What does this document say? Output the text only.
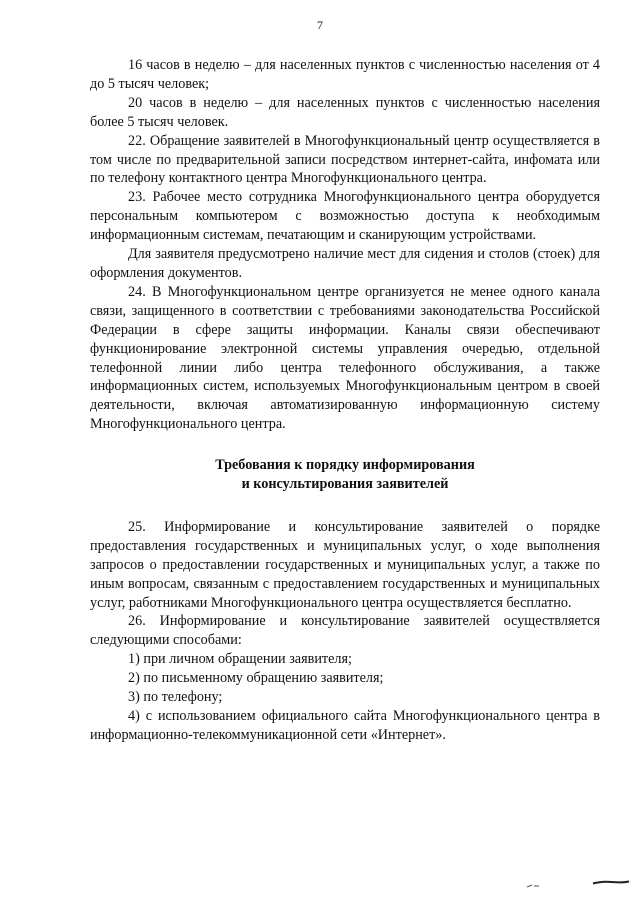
7

16 часов в неделю – для населенных пунктов с численностью населения от 4 до 5 тысяч человек;

20 часов в неделю – для населенных пунктов с численностью населения более 5 тысяч человек.

22. Обращение заявителей в Многофункциональный центр осуществляется в том числе по предварительной записи посредством интернет-сайта, инфомата или по телефону контактного центра Многофункционального центра.

23. Рабочее место сотрудника Многофункционального центра оборудуется персональным компьютером с возможностью доступа к необходимым информационным системам, печатающим и сканирующим устройствами.

Для заявителя предусмотрено наличие мест для сидения и столов (стоек) для оформления документов.

24. В Многофункциональном центре организуется не менее одного канала связи, защищенного в соответствии с требованиями законодательства Российской Федерации в сфере защиты информации. Каналы связи обеспечивают функционирование электронной системы управления очередью, отдельной телефонной линии либо центра телефонного обслуживания, а также информационных систем, используемых Многофункциональным центром в своей деятельности, включая автоматизированную информационную систему Многофункционального центра.

Требования к порядку информирования
и консультирования заявителей

25. Информирование и консультирование заявителей о порядке предоставления государственных и муниципальных услуг, о ходе выполнения запросов о предоставлении государственных и муниципальных услуг, а также по иным вопросам, связанным с предоставлением государственных и муниципальных услуг, работниками Многофункционального центра осуществляется бесплатно.

26. Информирование и консультирование заявителей осуществляется следующими способами:

1) при личном обращении заявителя;

2) по письменному обращению заявителя;

3) по телефону;

4) с использованием официального сайта Многофункционального центра в информационно-телекоммуникационной сети «Интернет».
